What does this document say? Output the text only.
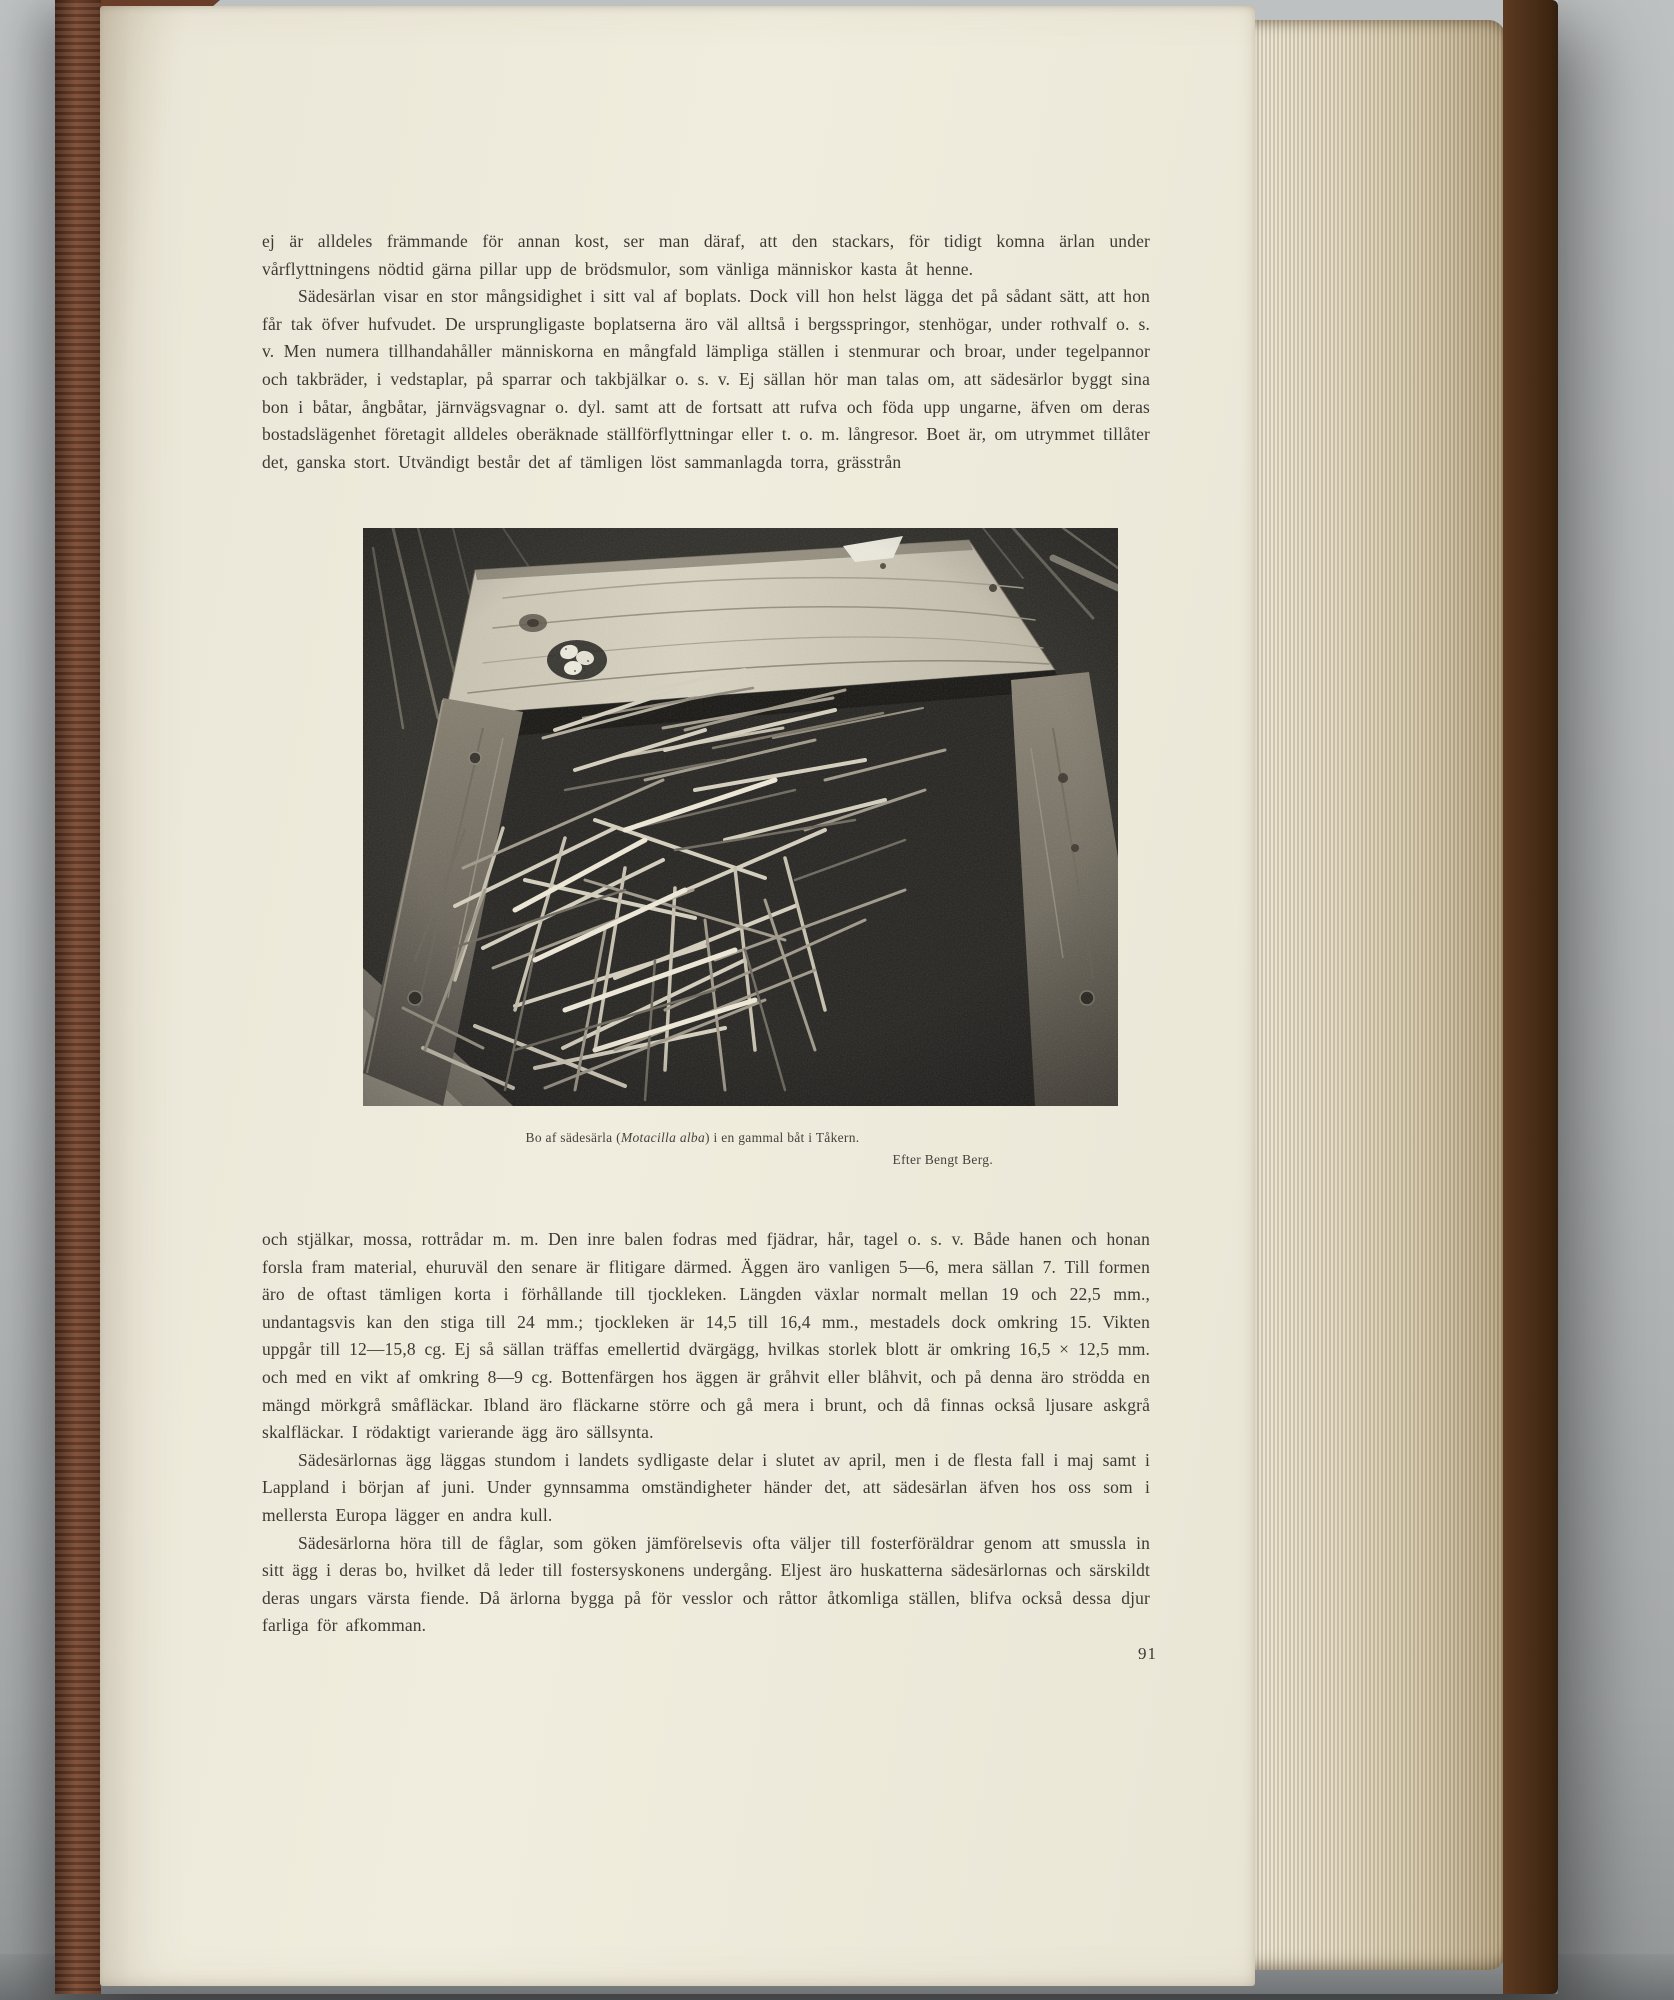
ej är alldeles främmande för annan kost, ser man däraf, att den stackars, för tidigt komna ärlan under vårflyttningens nödtid gärna pillar upp de brödsmulor, som vänliga människor kasta åt henne.

Sädesärlan visar en stor mångsidighet i sitt val af boplats. Dock vill hon helst lägga det på sådant sätt, att hon får tak öfver hufvudet. De ursprungligaste boplatserna äro väl alltså i bergsspringor, stenhögar, under rothvalf o. s. v. Men numera tillhandahåller människorna en mångfald lämpliga ställen i stenmurar och broar, under tegelpannor och takbräder, i vedstaplar, på sparrar och takbjälkar o. s. v. Ej sällan hör man talas om, att sädesärlor byggt sina bon i båtar, ångbåtar, järnvägsvagnar o. dyl. samt att de fortsatt att rufva och föda upp ungarne, äfven om deras bostadslägenhet företagit alldeles oberäknade ställförflyttningar eller t. o. m. långresor. Boet är, om utrymmet tillåter det, ganska stort. Utvändigt består det af tämligen löst sammanlagda torra, grässtrån

Bo af sädesärla (Motacilla alba) i en gammal båt i Tåkern.
Efter Bengt Berg.

och stjälkar, mossa, rottrådar m. m. Den inre balen fodras med fjädrar, hår, tagel o. s. v. Både hanen och honan forsla fram material, ehuruväl den senare är flitigare därmed. Äggen äro vanligen 5—6, mera sällan 7. Till formen äro de oftast tämligen korta i förhållande till tjockleken. Längden växlar normalt mellan 19 och 22,5 mm., undantagsvis kan den stiga till 24 mm.; tjockleken är 14,5 till 16,4 mm., mestadels dock omkring 15. Vikten uppgår till 12—15,8 cg. Ej så sällan träffas emellertid dvärgägg, hvilkas storlek blott är omkring 16,5 × 12,5 mm. och med en vikt af omkring 8—9 cg. Bottenfärgen hos äggen är gråhvit eller blåhvit, och på denna äro strödda en mängd mörkgrå småfläckar. Ibland äro fläckarne större och gå mera i brunt, och då finnas också ljusare askgrå skalfläckar. I rödaktigt varierande ägg äro sällsynta.

Sädesärlornas ägg läggas stundom i landets sydligaste delar i slutet av april, men i de flesta fall i maj samt i Lappland i början af juni. Under gynnsamma omständigheter händer det, att sädesärlan äfven hos oss som i mellersta Europa lägger en andra kull.

Sädesärlorna höra till de fåglar, som göken jämförelsevis ofta väljer till fosterföräldrar genom att smussla in sitt ägg i deras bo, hvilket då leder till fostersyskonens undergång. Eljest äro huskatterna sädesärlornas och särskildt deras ungars värsta fiende. Då ärlorna bygga på för vesslor och råttor åtkomliga ställen, blifva också dessa djur farliga för afkomman.

91
